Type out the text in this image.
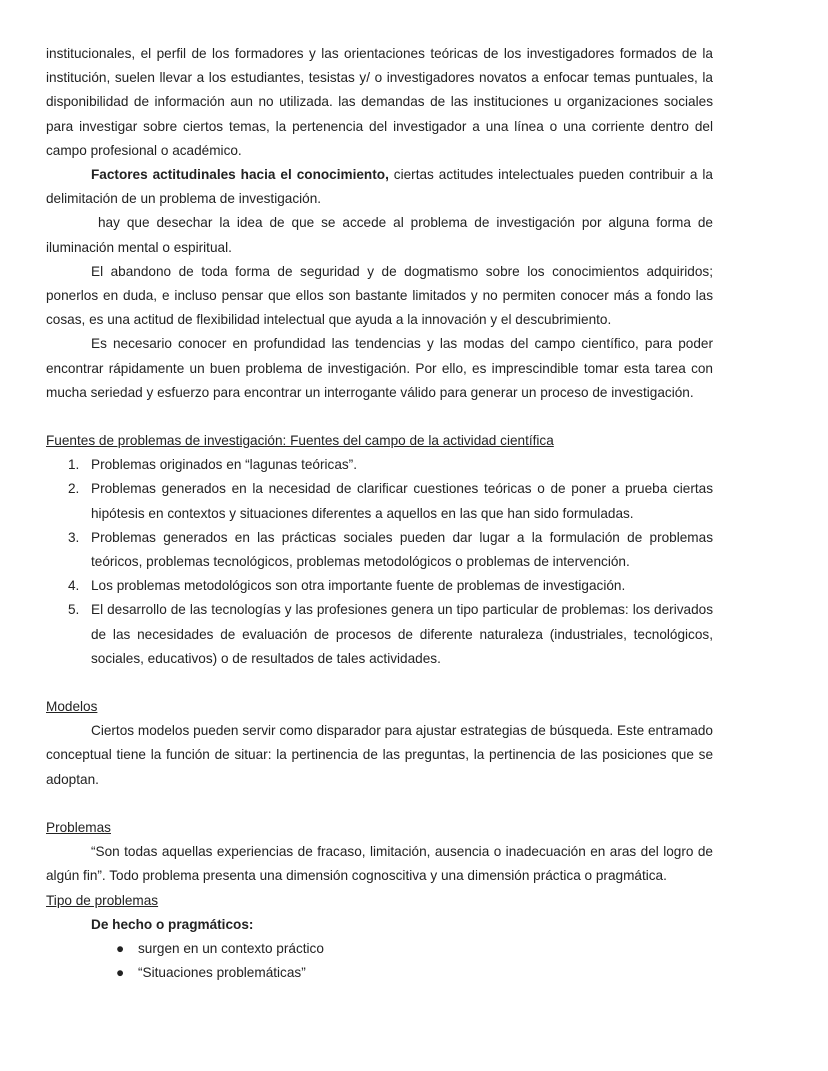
institucionales, el perfil de los formadores y las orientaciones teóricas de los investigadores formados de la institución, suelen llevar a los estudiantes, tesistas y/ o investigadores novatos a enfocar temas puntuales, la disponibilidad de información aun no utilizada. las demandas de las instituciones u organizaciones sociales para investigar sobre ciertos temas, la pertenencia del investigador a una línea o una corriente dentro del campo profesional o académico.

Factores actitudinales hacia el conocimiento, ciertas actitudes intelectuales pueden contribuir a la delimitación de un problema de investigación.

hay que desechar la idea de que se accede al problema de investigación por alguna forma de iluminación mental o espiritual.

El abandono de toda forma de seguridad y de dogmatismo sobre los conocimientos adquiridos; ponerlos en duda, e incluso pensar que ellos son bastante limitados y no permiten conocer más a fondo las cosas, es una actitud de flexibilidad intelectual que ayuda a la innovación y el descubrimiento.

Es necesario conocer en profundidad las tendencias y las modas del campo científico, para poder encontrar rápidamente un buen problema de investigación. Por ello, es imprescindible tomar esta tarea con mucha seriedad y esfuerzo para encontrar un interrogante válido para generar un proceso de investigación.

Fuentes de problemas de investigación: Fuentes del campo de la actividad científica

1. Problemas originados en “lagunas teóricas”.
2. Problemas generados en la necesidad de clarificar cuestiones teóricas o de poner a prueba ciertas hipótesis en contextos y situaciones diferentes a aquellos en las que han sido formuladas.
3. Problemas generados en las prácticas sociales pueden dar lugar a la formulación de problemas teóricos, problemas tecnológicos, problemas metodológicos o problemas de intervención.
4. Los problemas metodológicos son otra importante fuente de problemas de investigación.
5. El desarrollo de las tecnologías y las profesiones genera un tipo particular de problemas: los derivados de las necesidades de evaluación de procesos de diferente naturaleza (industriales, tecnológicos, sociales, educativos) o de resultados de tales actividades.

Modelos

Ciertos modelos pueden servir como disparador para ajustar estrategias de búsqueda. Este entramado conceptual tiene la función de situar: la pertinencia de las preguntas, la pertinencia de las posiciones que se adoptan.

Problemas

“Son todas aquellas experiencias de fracaso, limitación, ausencia o inadecuación en aras del logro de algún fin”. Todo problema presenta una dimensión cognoscitiva y una dimensión práctica o pragmática.

Tipo de problemas

De hecho o pragmáticos:
● surgen en un contexto práctico
● “Situaciones problemáticas”
